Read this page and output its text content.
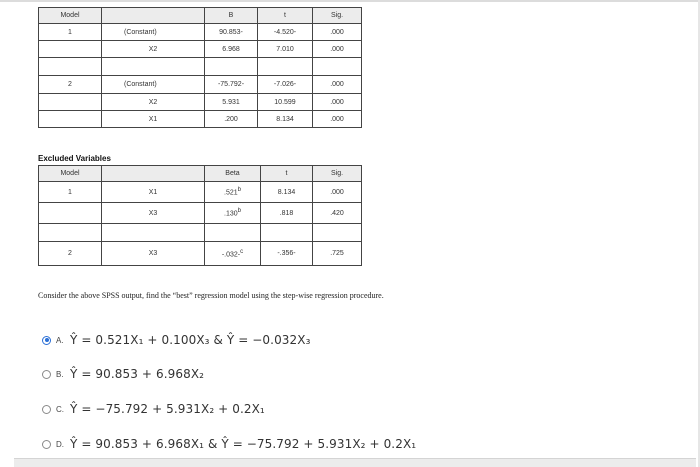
Model		B	t	Sig.
1	(Constant)	90.853-	-4.520-	.000
	X2	6.968	7.010	.000

2	(Constant)	-75.792-	-7.026-	.000
	X2	5.931	10.599	.000
	X1	.200	8.134	.000
Excluded Variables
Model		Beta	t	Sig.
1	X1	.521$^b$	8.134	.000
	X3	.130$^b$	.818	.420

2	X3	-.032-$^c$	-.356-	.725
Consider the above SPSS output, find the “best” regression model using the step-wise regression procedure.
A. Ŷ = 0.521X₁ + 0.100X₃ & Ŷ = −0.032X₃
B. Ŷ = 90.853 + 6.968X₂
C. Ŷ = −75.792 + 5.931X₂ + 0.2X₁
D. Ŷ = 90.853 + 6.968X₁ & Ŷ = −75.792 + 5.931X₂ + 0.2X₁
